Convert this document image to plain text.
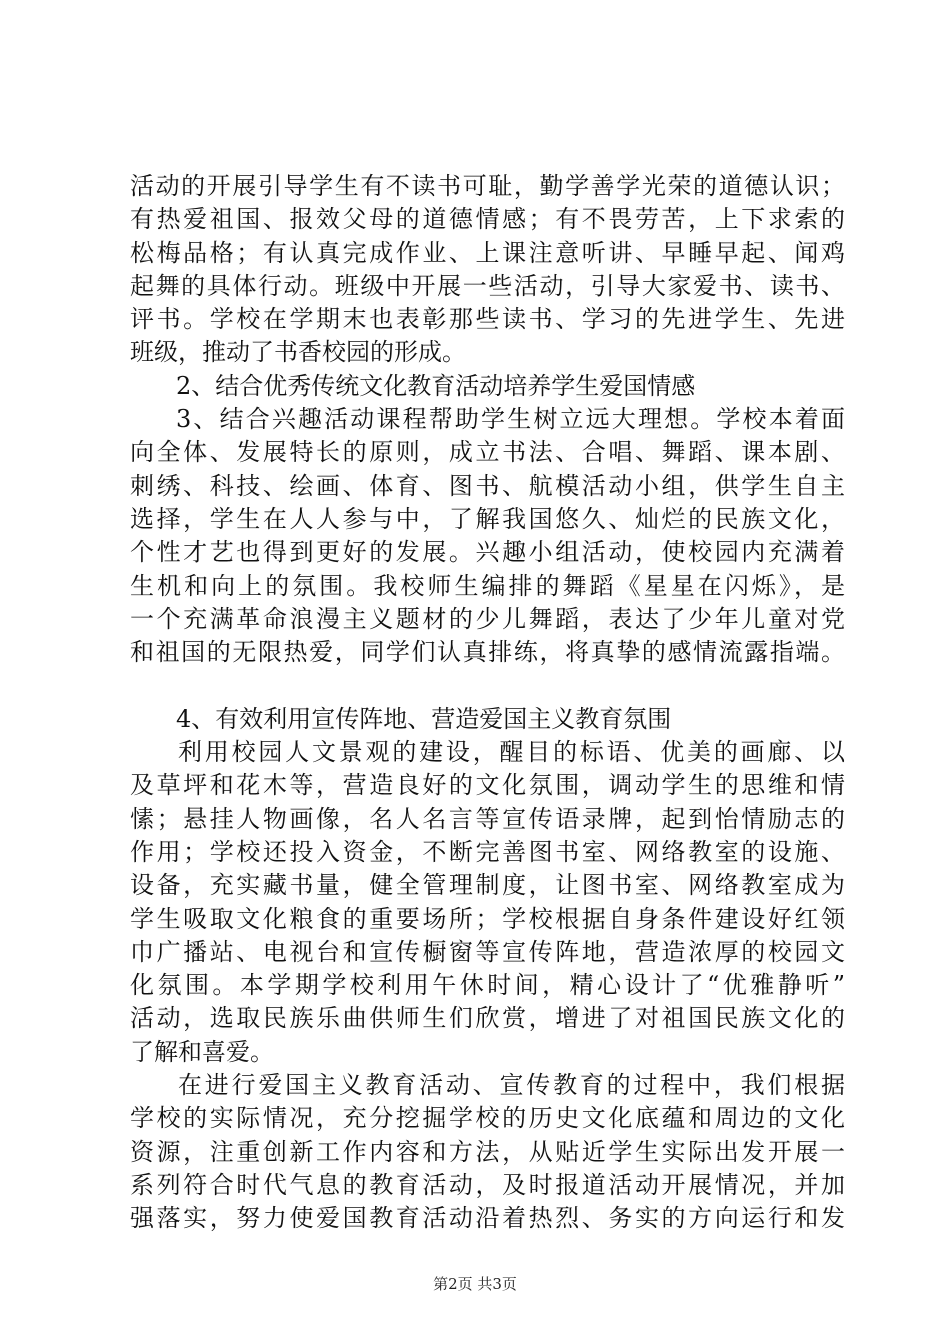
活动的开展引导学生有不读书可耻，勤学善学光荣的道德认识；
有热爱祖国、报效父母的道德情感；有不畏劳苦，上下求索的
松梅品格；有认真完成作业、上课注意听讲、早睡早起、闻鸡
起舞的具体行动。班级中开展一些活动，引导大家爱书、读书、
评书。学校在学期末也表彰那些读书、学习的先进学生、先进
班级，推动了书香校园的形成。
2、结合优秀传统文化教育活动培养学生爱国情感
3、结合兴趣活动课程帮助学生树立远大理想。学校本着面
向全体、发展特长的原则，成立书法、合唱、舞蹈、课本剧、
刺绣、科技、绘画、体育、图书、航模活动小组，供学生自主
选择，学生在人人参与中，了解我国悠久、灿烂的民族文化，
个性才艺也得到更好的发展。兴趣小组活动，使校园内充满着
生机和向上的氛围。我校师生编排的舞蹈《星星在闪烁》，是
一个充满革命浪漫主义题材的少儿舞蹈，表达了少年儿童对党
和祖国的无限热爱，同学们认真排练，将真挚的感情流露指端。
4、有效利用宣传阵地、营造爱国主义教育氛围
利用校园人文景观的建设，醒目的标语、优美的画廊、以
及草坪和花木等，营造良好的文化氛围，调动学生的思维和情
愫；悬挂人物画像，名人名言等宣传语录牌，起到怡情励志的
作用；学校还投入资金，不断完善图书室、网络教室的设施、
设备，充实藏书量，健全管理制度，让图书室、网络教室成为
学生吸取文化粮食的重要场所；学校根据自身条件建设好红领
巾广播站、电视台和宣传橱窗等宣传阵地，营造浓厚的校园文
化氛围。本学期学校利用午休时间，精心设计了“优雅静听”
活动，选取民族乐曲供师生们欣赏，增进了对祖国民族文化的
了解和喜爱。
在进行爱国主义教育活动、宣传教育的过程中，我们根据
学校的实际情况，充分挖掘学校的历史文化底蕴和周边的文化
资源，注重创新工作内容和方法，从贴近学生实际出发开展一
系列符合时代气息的教育活动，及时报道活动开展情况，并加
强落实，努力使爱国教育活动沿着热烈、务实的方向运行和发
第2页 共3页
